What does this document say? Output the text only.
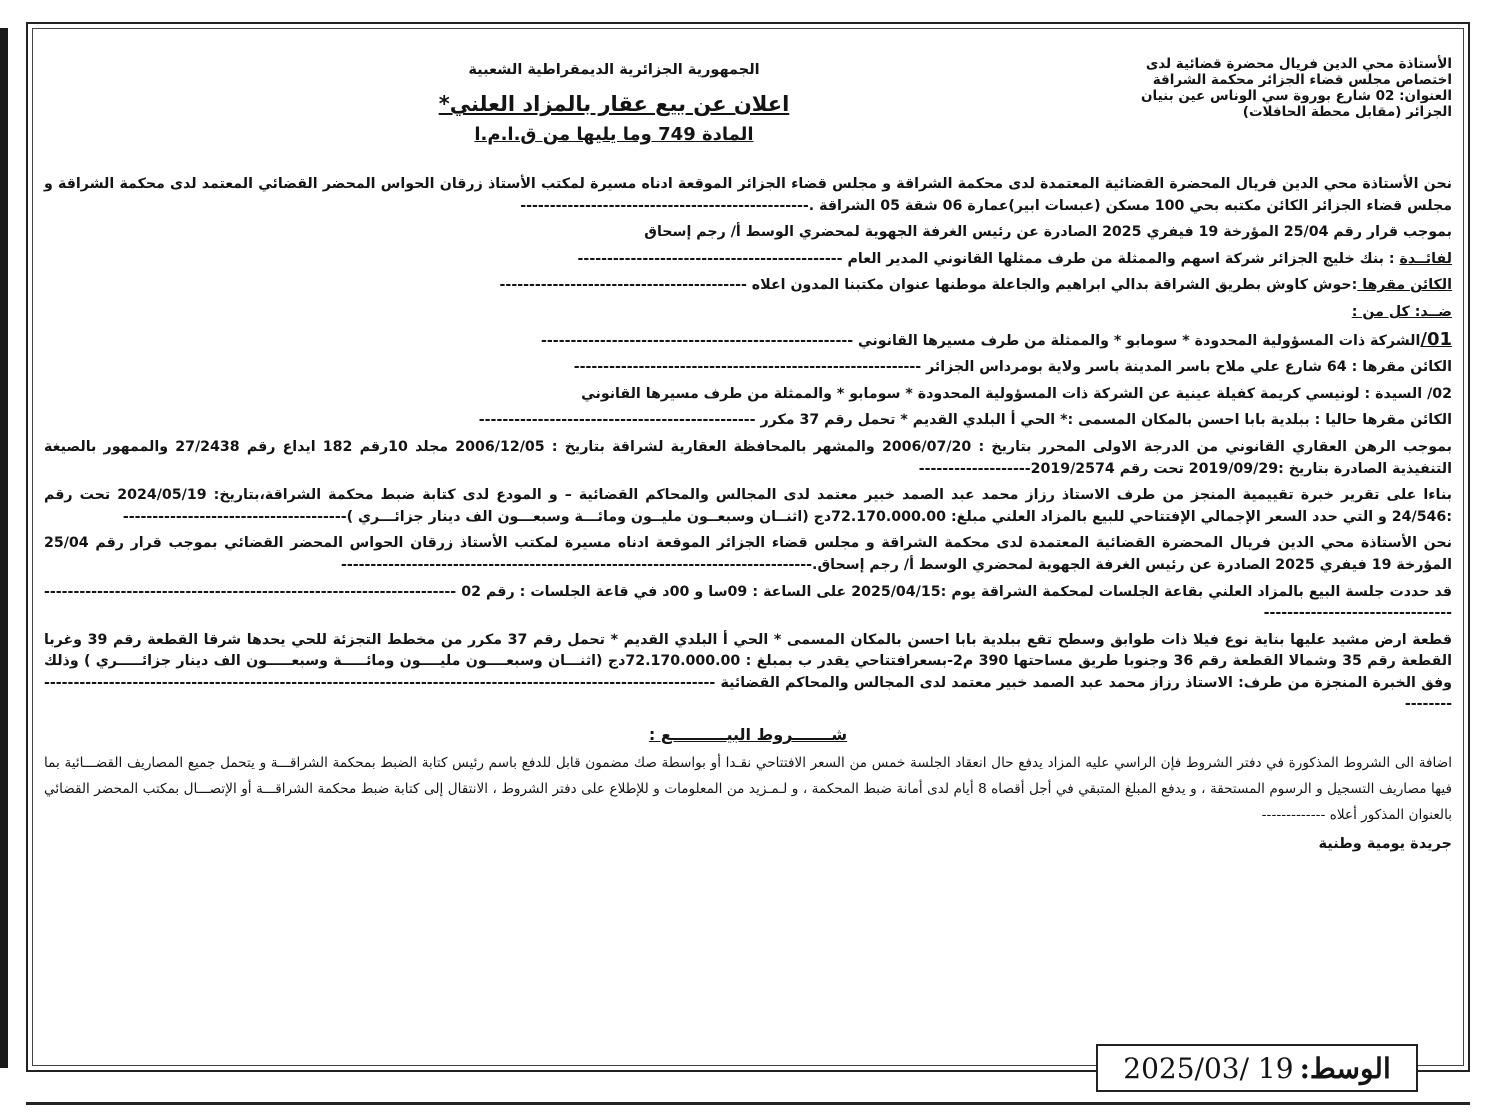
الأستاذة محي الدين فريال محضرة قضائية لدى
اختصاص مجلس قضاء الجزائر محكمة الشراقة
العنوان: 02 شارع بوروة سي الوناس عين بنيان
الجزائر (مقابل محطة الحافلات)
الجمهورية الجزائرية الديمقراطية الشعبية
اعلان عن بيع عقار بالمزاد العلني*
المادة 749 وما يليها من ق.ا.م.ا

نحن الأستاذة محي الدين فريال المحضرة القضائية المعتمدة لدى محكمة الشراقة و مجلس قضاء الجزائر الموقعة ادناه مسيرة لمكتب الأستاذ زرقان الحواس المحضر القضائي المعتمد لدى محكمة الشراقة و مجلس قضاء الجزائر الكائن مكتبه بحي 100 مسكن (عبسات ابير)عمارة 06 شقة 05 الشراقة .-------------------------------------------------

بموجب قرار رقم 25/04 المؤرخة 19 فيفري 2025 الصادرة عن رئيس الغرفة الجهوية لمحضري الوسط أ/ رجم إسحاق

لفائــدة : بنك خليج الجزائر شركة اسهم والممثلة من طرف ممثلها القانوني المدير العام ---------------------------------------------

الكائن مقرها :حوش كاوش بطريق الشراقة بدالي ابراهيم والجاعلة موطنها عنوان مكتبنا المدون اعلاه ------------------------------------------

ضــد: كل من :

01/الشركة ذات المسؤولية المحدودة * سومابو * والممثلة من طرف مسيرها القانوني -----------------------------------------------------

الكائن مقرها : 64 شارع علي ملاح باسر المدينة باسر ولاية بومرداس الجزائر -----------------------------------------------------------

02/ السيدة : لونيسي كريمة كفيلة عينية عن الشركة ذات المسؤولية المحدودة * سومابو * والممثلة من طرف مسيرها القانوني

الكائن مقرها حاليا : ببلدية بابا احسن بالمكان المسمى :* الحي أ البلدي القديم * تحمل رقم 37 مكرر -----------------------------------------------

بموجب الرهن العقاري القانوني من الدرجة الاولى المحرر بتاريخ : 2006/07/20 والمشهر بالمحافظة العقارية لشراقة بتاريخ : 2006/12/05 مجلد 10رقم 182 ايداع رقم 27/2438 والممهور بالصيغة التنفيذية الصادرة بتاريخ :2019/09/29 تحت رقم 2019/2574-------------------

بناءا على تقرير خبرة تقييمية المنجز من طرف الاستاذ رزاز محمد عبد الصمد خبير معتمد لدى المجالس والمحاكم القضائية – و المودع لدى كتابة ضبط محكمة الشراقة،بتاريخ: 2024/05/19 تحت رقم :24/546 و التي حدد السعر الإجمالي الإفتتاحي للبيع بالمزاد العلني مبلغ: 72.170.000.00دج (اثنــان وسبعــون مليــون ومائـــة وسبعـــون الف دينار جزائـــري )--------------------------------------

نحن الأستاذة محي الدين فريال المحضرة القضائية المعتمدة لدى محكمة الشراقة و مجلس قضاء الجزائر الموقعة ادناه مسيرة لمكتب الأستاذ زرقان الحواس المحضر القضائي بموجب قرار رقم 25/04 المؤرخة 19 فيفري 2025 الصادرة عن رئيس الغرفة الجهوية لمحضري الوسط أ/ رجم إسحاق.--------------------------------------------------------------------------------

قد حددت جلسة البيع بالمزاد العلني بقاعة الجلسات لمحكمة الشراقة يوم :2025/04/15 على الساعة : 09سا و 00د في قاعة الجلسات : رقم 02 ------------------------------------------------------------------------------------------------------

قطعة ارض مشيد عليها بناية نوع فيلا ذات طوابق وسطح تقع ببلدية بابا احسن بالمكان المسمى * الحي أ البلدي القديم * تحمل رقم 37 مكرر من مخطط التجزئة للحي يحدها شرقا القطعة رقم 39 وغربا القطعة رقم 35 وشمالا القطعة رقم 36 وجنوبا طريق مساحتها 390 م2-بسعرافتتاحي يقدر ب بمبلغ : 72.170.000.00دج (اثنـــان وسبعــــون مليــــون ومائـــــة وسبعـــــون الف دينار جزائـــــري ) وذلك وفق الخبرة المنجزة من طرف: الاستاذ رزاز محمد عبد الصمد خبير معتمد لدى المجالس والمحاكم القضائية --------------------------------------------------------------------------------------------------------------------------

شـــــــروط البيــــــــــع :

اضافة الى الشروط المذكورة في دفتر الشروط فإن الراسي عليه المزاد يدفع حال انعقاد الجلسة خمس من السعر الافتتاحي نقـدا أو بواسطة صك مضمون قابل للدفع باسم رئيس كتابة الضبط بمحكمة الشراقـــة و يتحمل جميع المصاريف القضـــائية بما فيها مصاريف التسجيل و الرسوم المستحقة ، و يدفع المبلغ المتبقي في أجل أقصاه 8 أيام لدى أمانة ضبط المحكمة ، و لـمـزيد من المعلومات و للإطلاع على دفتر الشروط ، الانتقال إلى كتابة ضبط محكمة الشراقـــة أو الإتصـــال بمكتب المحضر القضائي بالعنوان المذكور أعلاه -------------

جريدة يومية وطنية
الوسط:
2025/03/ 19
